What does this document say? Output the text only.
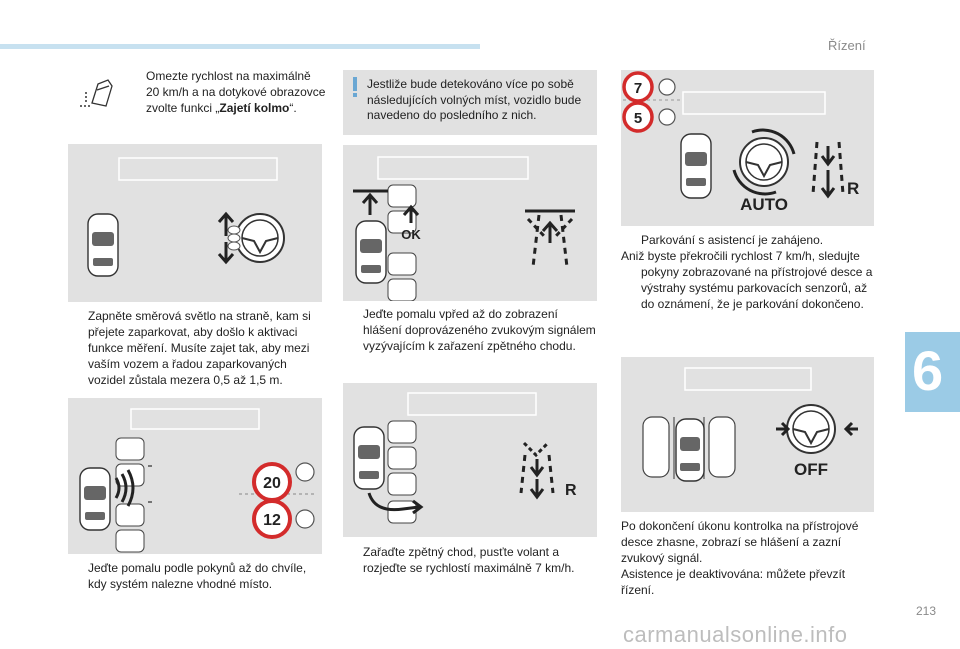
Řízení
6
213
carmanualsonline.info

Omezte rychlost na maximálně 20 km/h a na dotykové obrazovce zvolte funkci „Zajetí kolmo“.

Zapněte směrová světlo na straně, kam si přejete zaparkovat, aby došlo k aktivaci funkce měření. Musíte zajet tak, aby mezi vaším vozem a řadou zaparkovaných vozidel zůstala mezera 0,5 až 1,5 m.

20
12

Jeďte pomalu podle pokynů až do chvíle, kdy systém nalezne vhodné místo.

Jestliže bude detekováno více po sobě následujících volných míst, vozidlo bude navedeno do posledního z nich.
OK

Jeďte pomalu vpřed až do zobrazení hlášení doprovázeného zvukovým signálem vyzývajícím k zařazení zpětného chodu.

R

Zařaďte zpětný chod, pusťte volant a rozjeďte se rychlostí maximálně 7 km/h.

7
5
AUTO
R

Parkování s asistencí je zahájeno.

Aniž byste překročili rychlost 7 km/h, sledujte pokyny zobrazované na přístrojové desce a výstrahy systému parkovacích senzorů, až do oznámení, že je parkování dokončeno.

OFF

Po dokončení úkonu kontrolka na přístrojové desce zhasne, zobrazí se hlášení a zazní zvukový signál.

Asistence je deaktivována: můžete převzít řízení.
